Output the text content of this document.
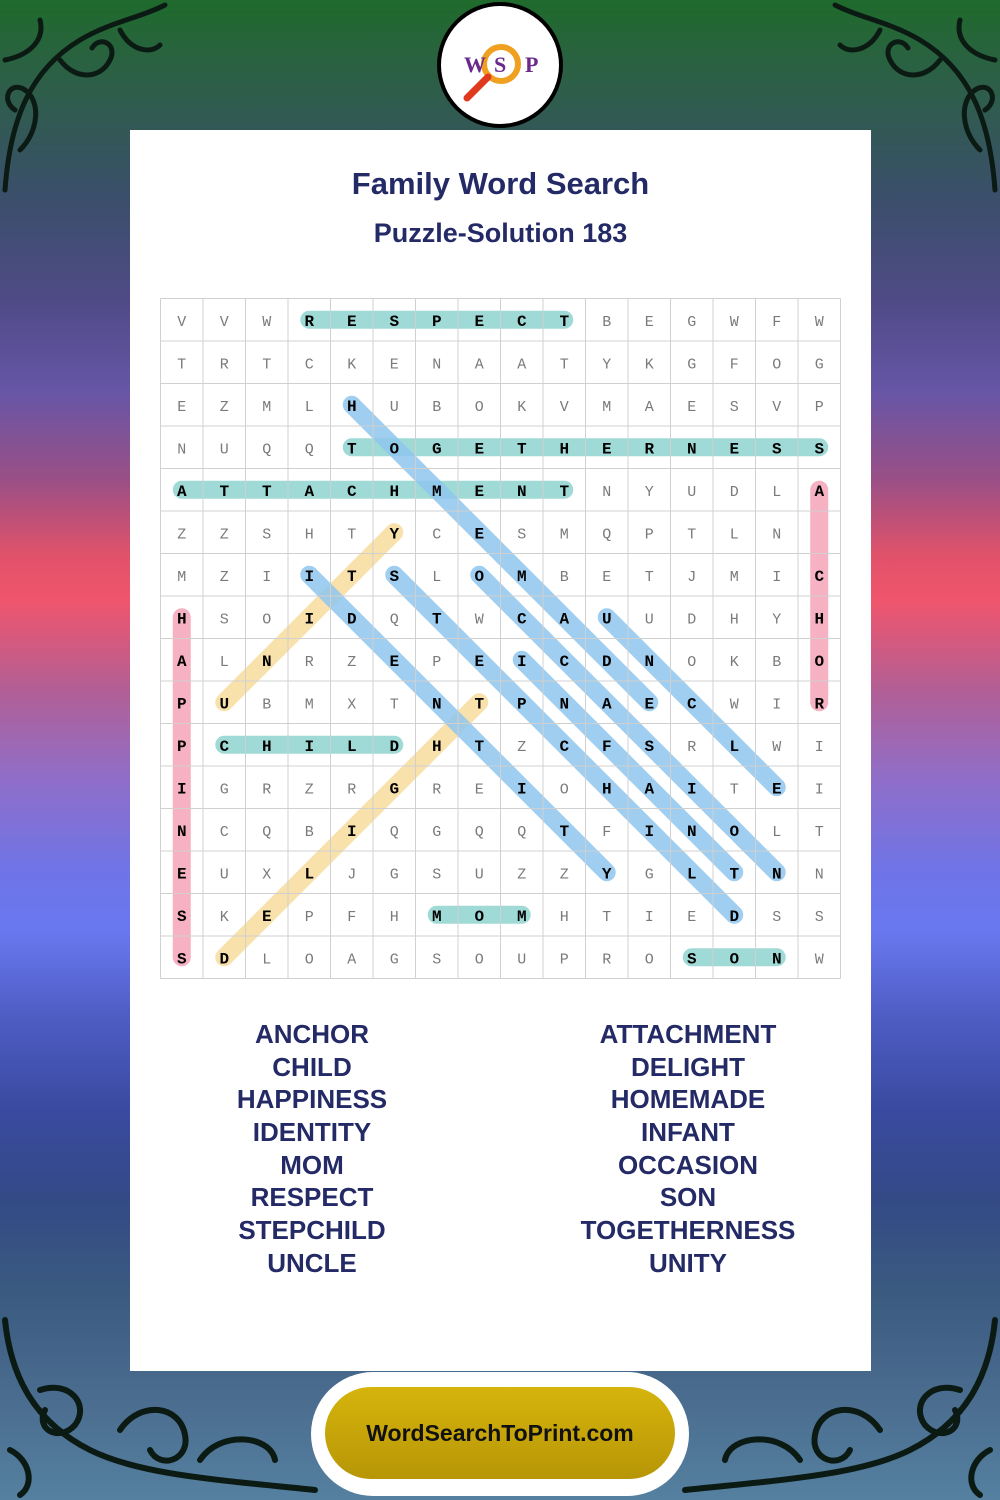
W S P
Family Word Search
Puzzle-Solution 183
V V W R E S P E C T B E G W F W
T R T C K E N A A T Y K G F O G
E Z M L H U B O K V M A E S V P
N U Q Q T O G E T H E R N E S S
A T T A C H M E N T N Y U D L A
Z Z S H T Y C E S M Q P T L N
M Z I I T S L O M B E T J M I C
H S O I D Q T W C A U U D H Y H
A L N R Z E P E I C D N O K B O
P U B M X T N T P N A E C W I R
P C H I L D H T Z C F S R L W I
I G R Z R G R E I O H A I T E I
N C Q B I Q G Q Q T F I N O L T
E U X L J G S U Z Z Y G L T N N
S K E P F H M O M H T I E D S S
S D L O A G S O U P R O S O N W
ANCHOR
CHILD
HAPPINESS
IDENTITY
MOM
RESPECT
STEPCHILD
UNCLE
ATTACHMENT
DELIGHT
HOMEMADE
INFANT
OCCASION
SON
TOGETHERNESS
UNITY
WordSearchToPrint.com
